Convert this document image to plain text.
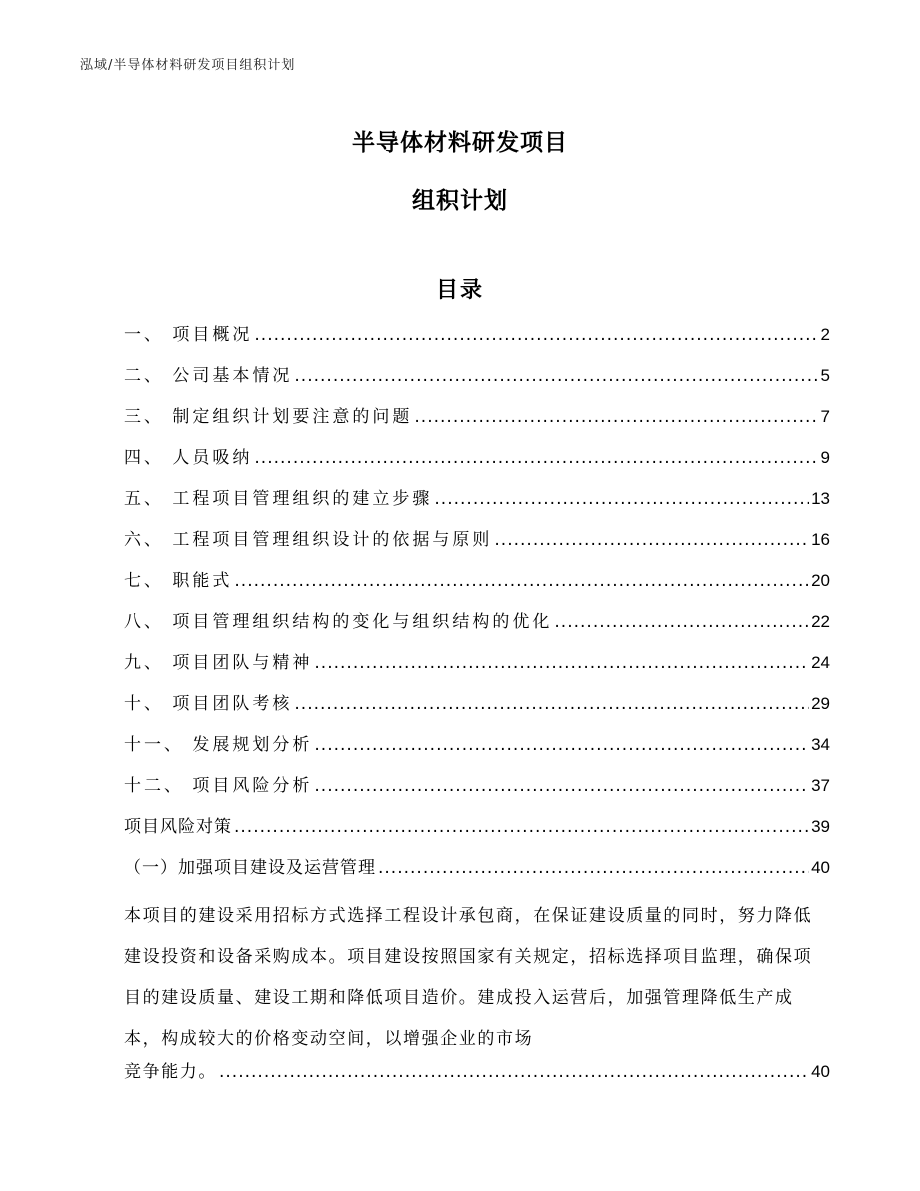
泓域/半导体材料研发项目组积计划
半导体材料研发项目
组积计划
目录
一、 项目概况 .....	2
二、 公司基本情况 .....	5
三、 制定组织计划要注意的问题 .....	7
四、 人员吸纳 .....	9
五、 工程项目管理组织的建立步骤 .....	13
六、 工程项目管理组织设计的依据与原则 .....	16
七、 职能式 .....	20
八、 项目管理组织结构的变化与组织结构的优化 .....	22
九、 项目团队与精神 .....	24
十、 项目团队考核 .....	29
十一、 发展规划分析 .....	34
十二、 项目风险分析 .....	37
项目风险对策 .....	39
（一）加强项目建设及运营管理 .....	40
本项目的建设采用招标方式选择工程设计承包商，在保证建设质量的同时，努力降低建设投资和设备采购成本。项目建设按照国家有关规定，招标选择项目监理，确保项目的建设质量、建设工期和降低项目造价。建成投入运营后，加强管理降低生产成本，构成较大的价格变动空间，以增强企业的市场
竞争能力。 .....	40
